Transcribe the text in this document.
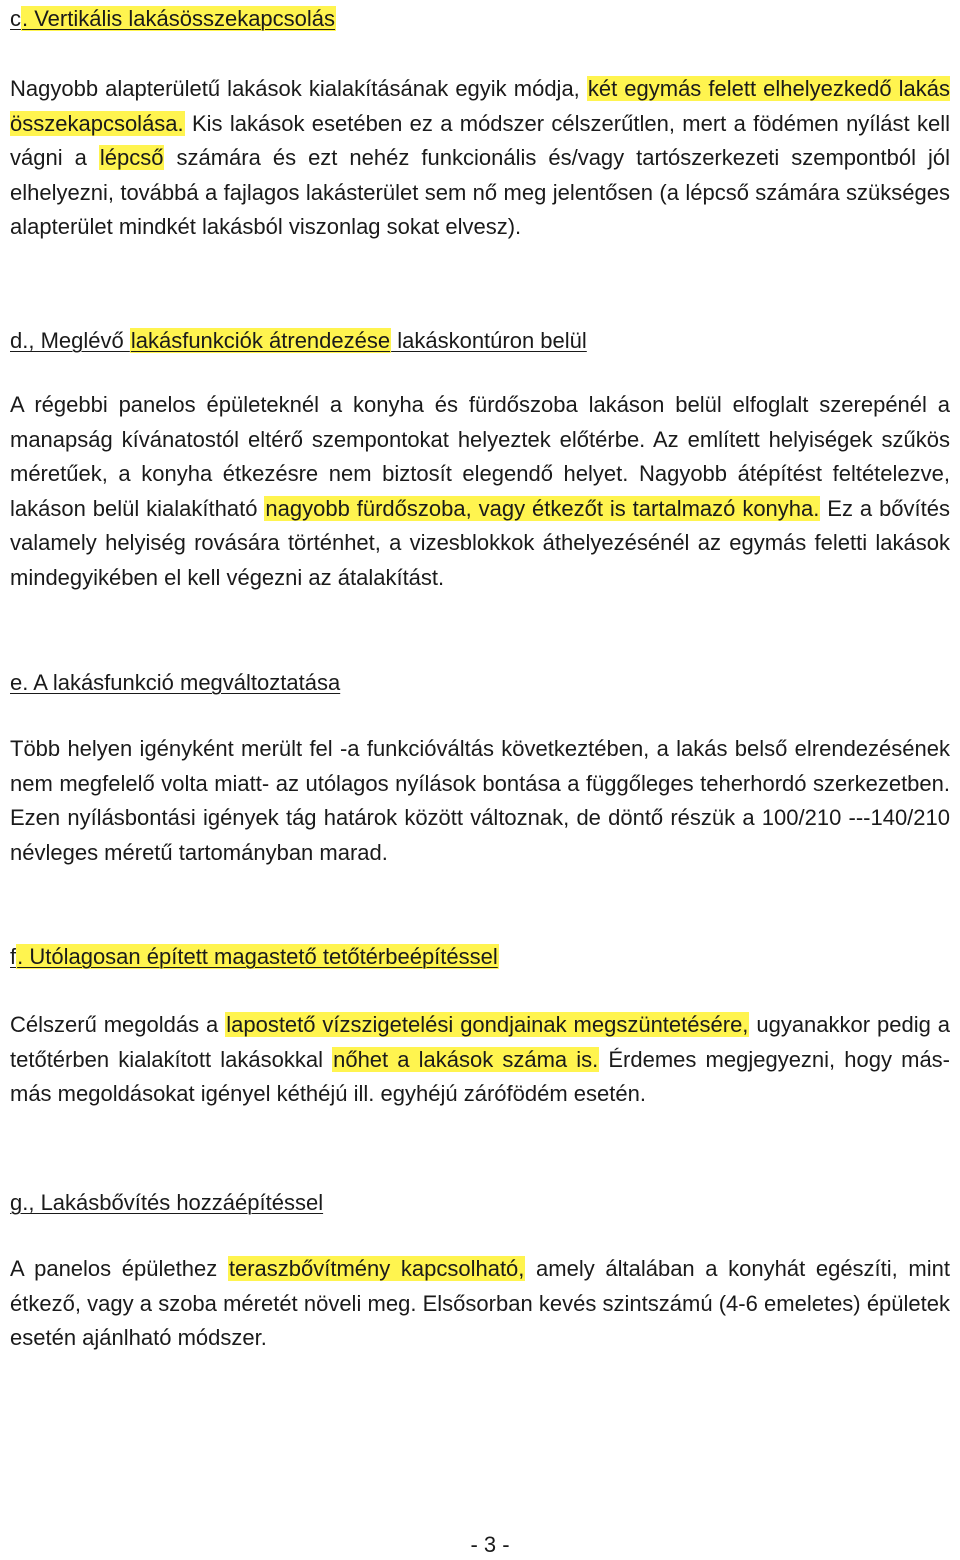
c. Vertikális lakásösszekapcsolás

Nagyobb alapterületű lakások kialakításának egyik módja, két egymás felett elhelyezkedő lakás összekapcsolása. Kis lakások esetében ez a módszer célszerűtlen, mert a födémen nyílást kell vágni a lépcső számára és ezt nehéz funkcionális és/vagy tartószerkezeti szempontból jól elhelyezni, továbbá a fajlagos lakásterület sem nő meg jelentősen (a lépcső számára szükséges alapterület mindkét lakásból viszonlag sokat elvesz).

d., Meglévő lakásfunkciók átrendezése lakáskontúron belül

A régebbi panelos épületeknél a konyha és fürdőszoba lakáson belül elfoglalt szerepénél a manapság kívánatostól eltérő szempontokat helyeztek előtérbe. Az említett helyiségek szűkös méretűek, a konyha étkezésre nem biztosít elegendő helyet. Nagyobb átépítést feltételezve, lakáson belül kialakítható nagyobb fürdőszoba, vagy étkezőt is tartalmazó konyha. Ez a bővítés valamely helyiség rovására történhet, a vizesblokkok áthelyezésénél az egymás feletti lakások mindegyikében el kell végezni az átalakítást.

e. A lakásfunkció megváltoztatása

Több helyen igényként merült fel -a funkcióváltás következtében, a lakás belső elrendezésének nem megfelelő volta miatt- az utólagos nyílások bontása a függőleges teherhordó szerkezetben. Ezen nyílásbontási igények tág határok között változnak, de döntő részük a 100/210 ---140/210 névleges méretű tartományban marad.

f. Utólagosan épített magastető tetőtérbeépítéssel

Célszerű megoldás a lapostető vízszigetelési gondjainak megszüntetésére, ugyanakkor pedig a tetőtérben kialakított lakásokkal nőhet a lakások száma is. Érdemes megjegyezni, hogy más-más megoldásokat igényel kéthéjú ill. egyhéjú zárófödém esetén.

g., Lakásbővítés hozzáépítéssel

A panelos épülethez teraszbővítmény kapcsolható, amely általában a konyhát egészíti, mint étkező, vagy a szoba méretét növeli meg. Elsősorban kevés szintszámú (4-6 emeletes) épületek esetén ajánlható módszer.

- 3 -
